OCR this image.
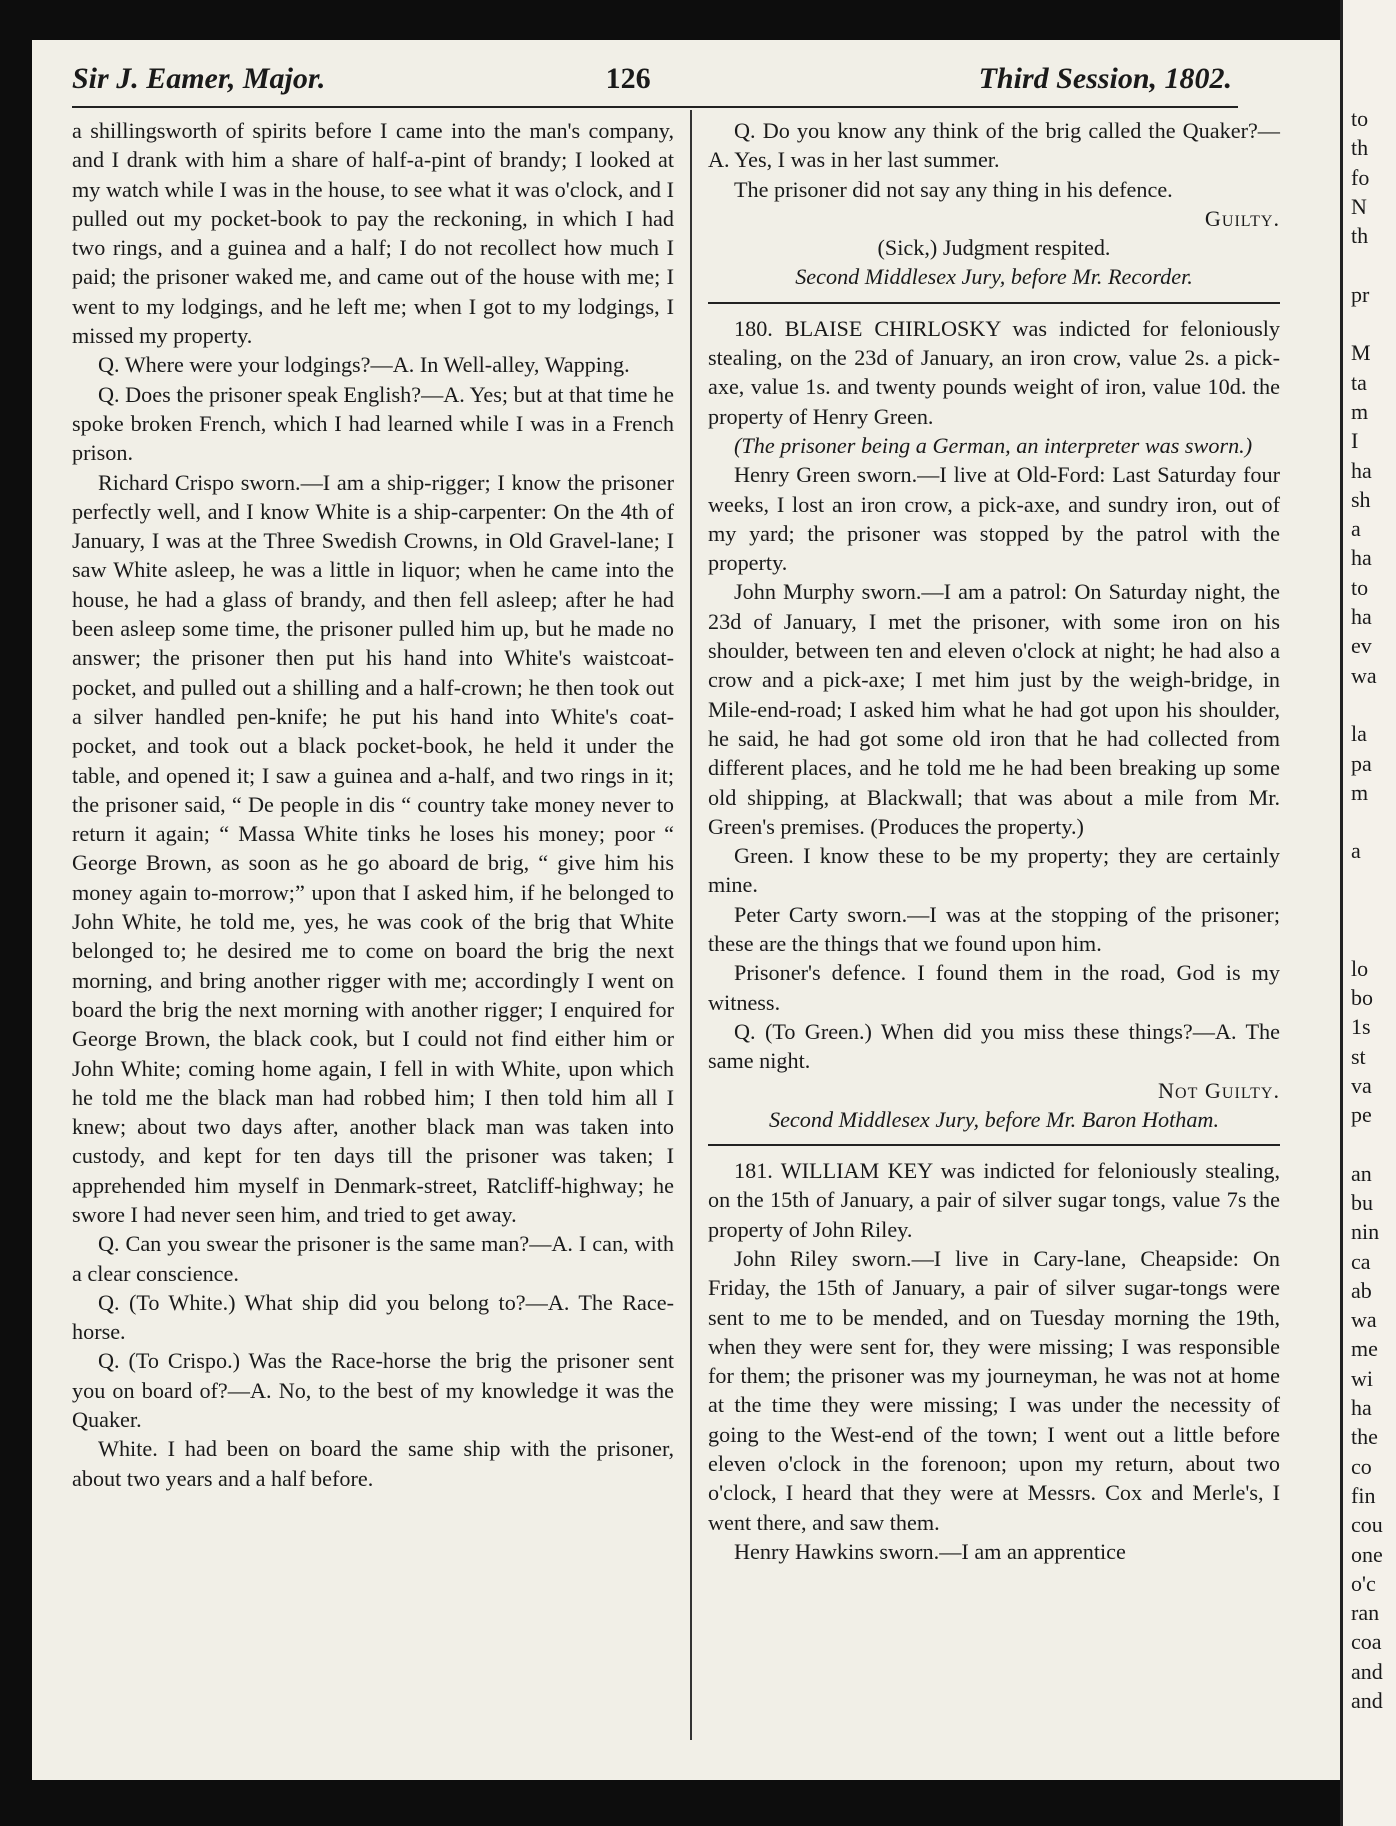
Sir J. Eamer, Major.	126	Third Session, 1802.

a shillingsworth of spirits before I came into the man's company, and I drank with him a share of half-a-pint of brandy; I looked at my watch while I was in the house, to see what it was o'clock, and I pulled out my pocket-book to pay the reckoning, in which I had two rings, and a guinea and a half; I do not recollect how much I paid; the prisoner waked me, and came out of the house with me; I went to my lodgings, and he left me; when I got to my lodgings, I missed my property.

Q. Where were your lodgings?—A. In Well-alley, Wapping.

Q. Does the prisoner speak English?—A. Yes; but at that time he spoke broken French, which I had learned while I was in a French prison.

Richard Crispo sworn.—I am a ship-rigger; I know the prisoner perfectly well, and I know White is a ship-carpenter: On the 4th of January, I was at the Three Swedish Crowns, in Old Gravel-lane; I saw White asleep, he was a little in liquor; when he came into the house, he had a glass of brandy, and then fell asleep; after he had been asleep some time, the prisoner pulled him up, but he made no answer; the prisoner then put his hand into White's waistcoat-pocket, and pulled out a shilling and a half-crown; he then took out a silver handled pen-knife; he put his hand into White's coat-pocket, and took out a black pocket-book, he held it under the table, and opened it; I saw a guinea and a-half, and two rings in it; the prisoner said, “ De people in dis “ country take money never to return it again; “ Massa White tinks he loses his money; poor “ George Brown, as soon as he go aboard de brig, “ give him his money again to-morrow;” upon that I asked him, if he belonged to John White, he told me, yes, he was cook of the brig that White belonged to; he desired me to come on board the brig the next morning, and bring another rigger with me; accordingly I went on board the brig the next morning with another rigger; I enquired for George Brown, the black cook, but I could not find either him or John White; coming home again, I fell in with White, upon which he told me the black man had robbed him; I then told him all I knew; about two days after, another black man was taken into custody, and kept for ten days till the prisoner was taken; I apprehended him myself in Denmark-street, Ratcliff-highway; he swore I had never seen him, and tried to get away.

Q. Can you swear the prisoner is the same man?—A. I can, with a clear conscience.

Q. (To White.) What ship did you belong to?—A. The Race-horse.

Q. (To Crispo.) Was the Race-horse the brig the prisoner sent you on board of?—A. No, to the best of my knowledge it was the Quaker.

White. I had been on board the same ship with the prisoner, about two years and a half before.

Q. Do you know any think of the brig called the Quaker?—A. Yes, I was in her last summer.

The prisoner did not say any thing in his defence.

Guilty.

(Sick,) Judgment respited.

Second Middlesex Jury, before Mr. Recorder.

180. BLAISE CHIRLOSKY was indicted for feloniously stealing, on the 23d of January, an iron crow, value 2s. a pick-axe, value 1s. and twenty pounds weight of iron, value 10d. the property of Henry Green.

(The prisoner being a German, an interpreter was sworn.)

Henry Green sworn.—I live at Old-Ford: Last Saturday four weeks, I lost an iron crow, a pick-axe, and sundry iron, out of my yard; the prisoner was stopped by the patrol with the property.

John Murphy sworn.—I am a patrol: On Saturday night, the 23d of January, I met the prisoner, with some iron on his shoulder, between ten and eleven o'clock at night; he had also a crow and a pick-axe; I met him just by the weigh-bridge, in Mile-end-road; I asked him what he had got upon his shoulder, he said, he had got some old iron that he had collected from different places, and he told me he had been breaking up some old shipping, at Blackwall; that was about a mile from Mr. Green's premises. (Produces the property.)

Green. I know these to be my property; they are certainly mine.

Peter Carty sworn.—I was at the stopping of the prisoner; these are the things that we found upon him.

Prisoner's defence. I found them in the road, God is my witness.

Q. (To Green.) When did you miss these things?—A. The same night.

Not Guilty.

Second Middlesex Jury, before Mr. Baron Hotham.

181. WILLIAM KEY was indicted for feloniously stealing, on the 15th of January, a pair of silver sugar tongs, value 7s the property of John Riley.

John Riley sworn.—I live in Cary-lane, Cheapside: On Friday, the 15th of January, a pair of silver sugar-tongs were sent to me to be mended, and on Tuesday morning the 19th, when they were sent for, they were missing; I was responsible for them; the prisoner was my journeyman, he was not at home at the time they were missing; I was under the necessity of going to the West-end of the town; I went out a little before eleven o'clock in the forenoon; upon my return, about two o'clock, I heard that they were at Messrs. Cox and Merle's, I went there, and saw them.

Henry Hawkins sworn.—I am an apprentice

to
th
fo
N
th
pr
M
ta
m
I
ha
sh
a
ha
to
ha
ev
wa
la
pa
m
a
lo
bo
1s
st
va
pe
an
bu
nin
ca
ab
wa
me
wi
ha
the
co
fin
cou
one
o'c
ran
coa
and
and
